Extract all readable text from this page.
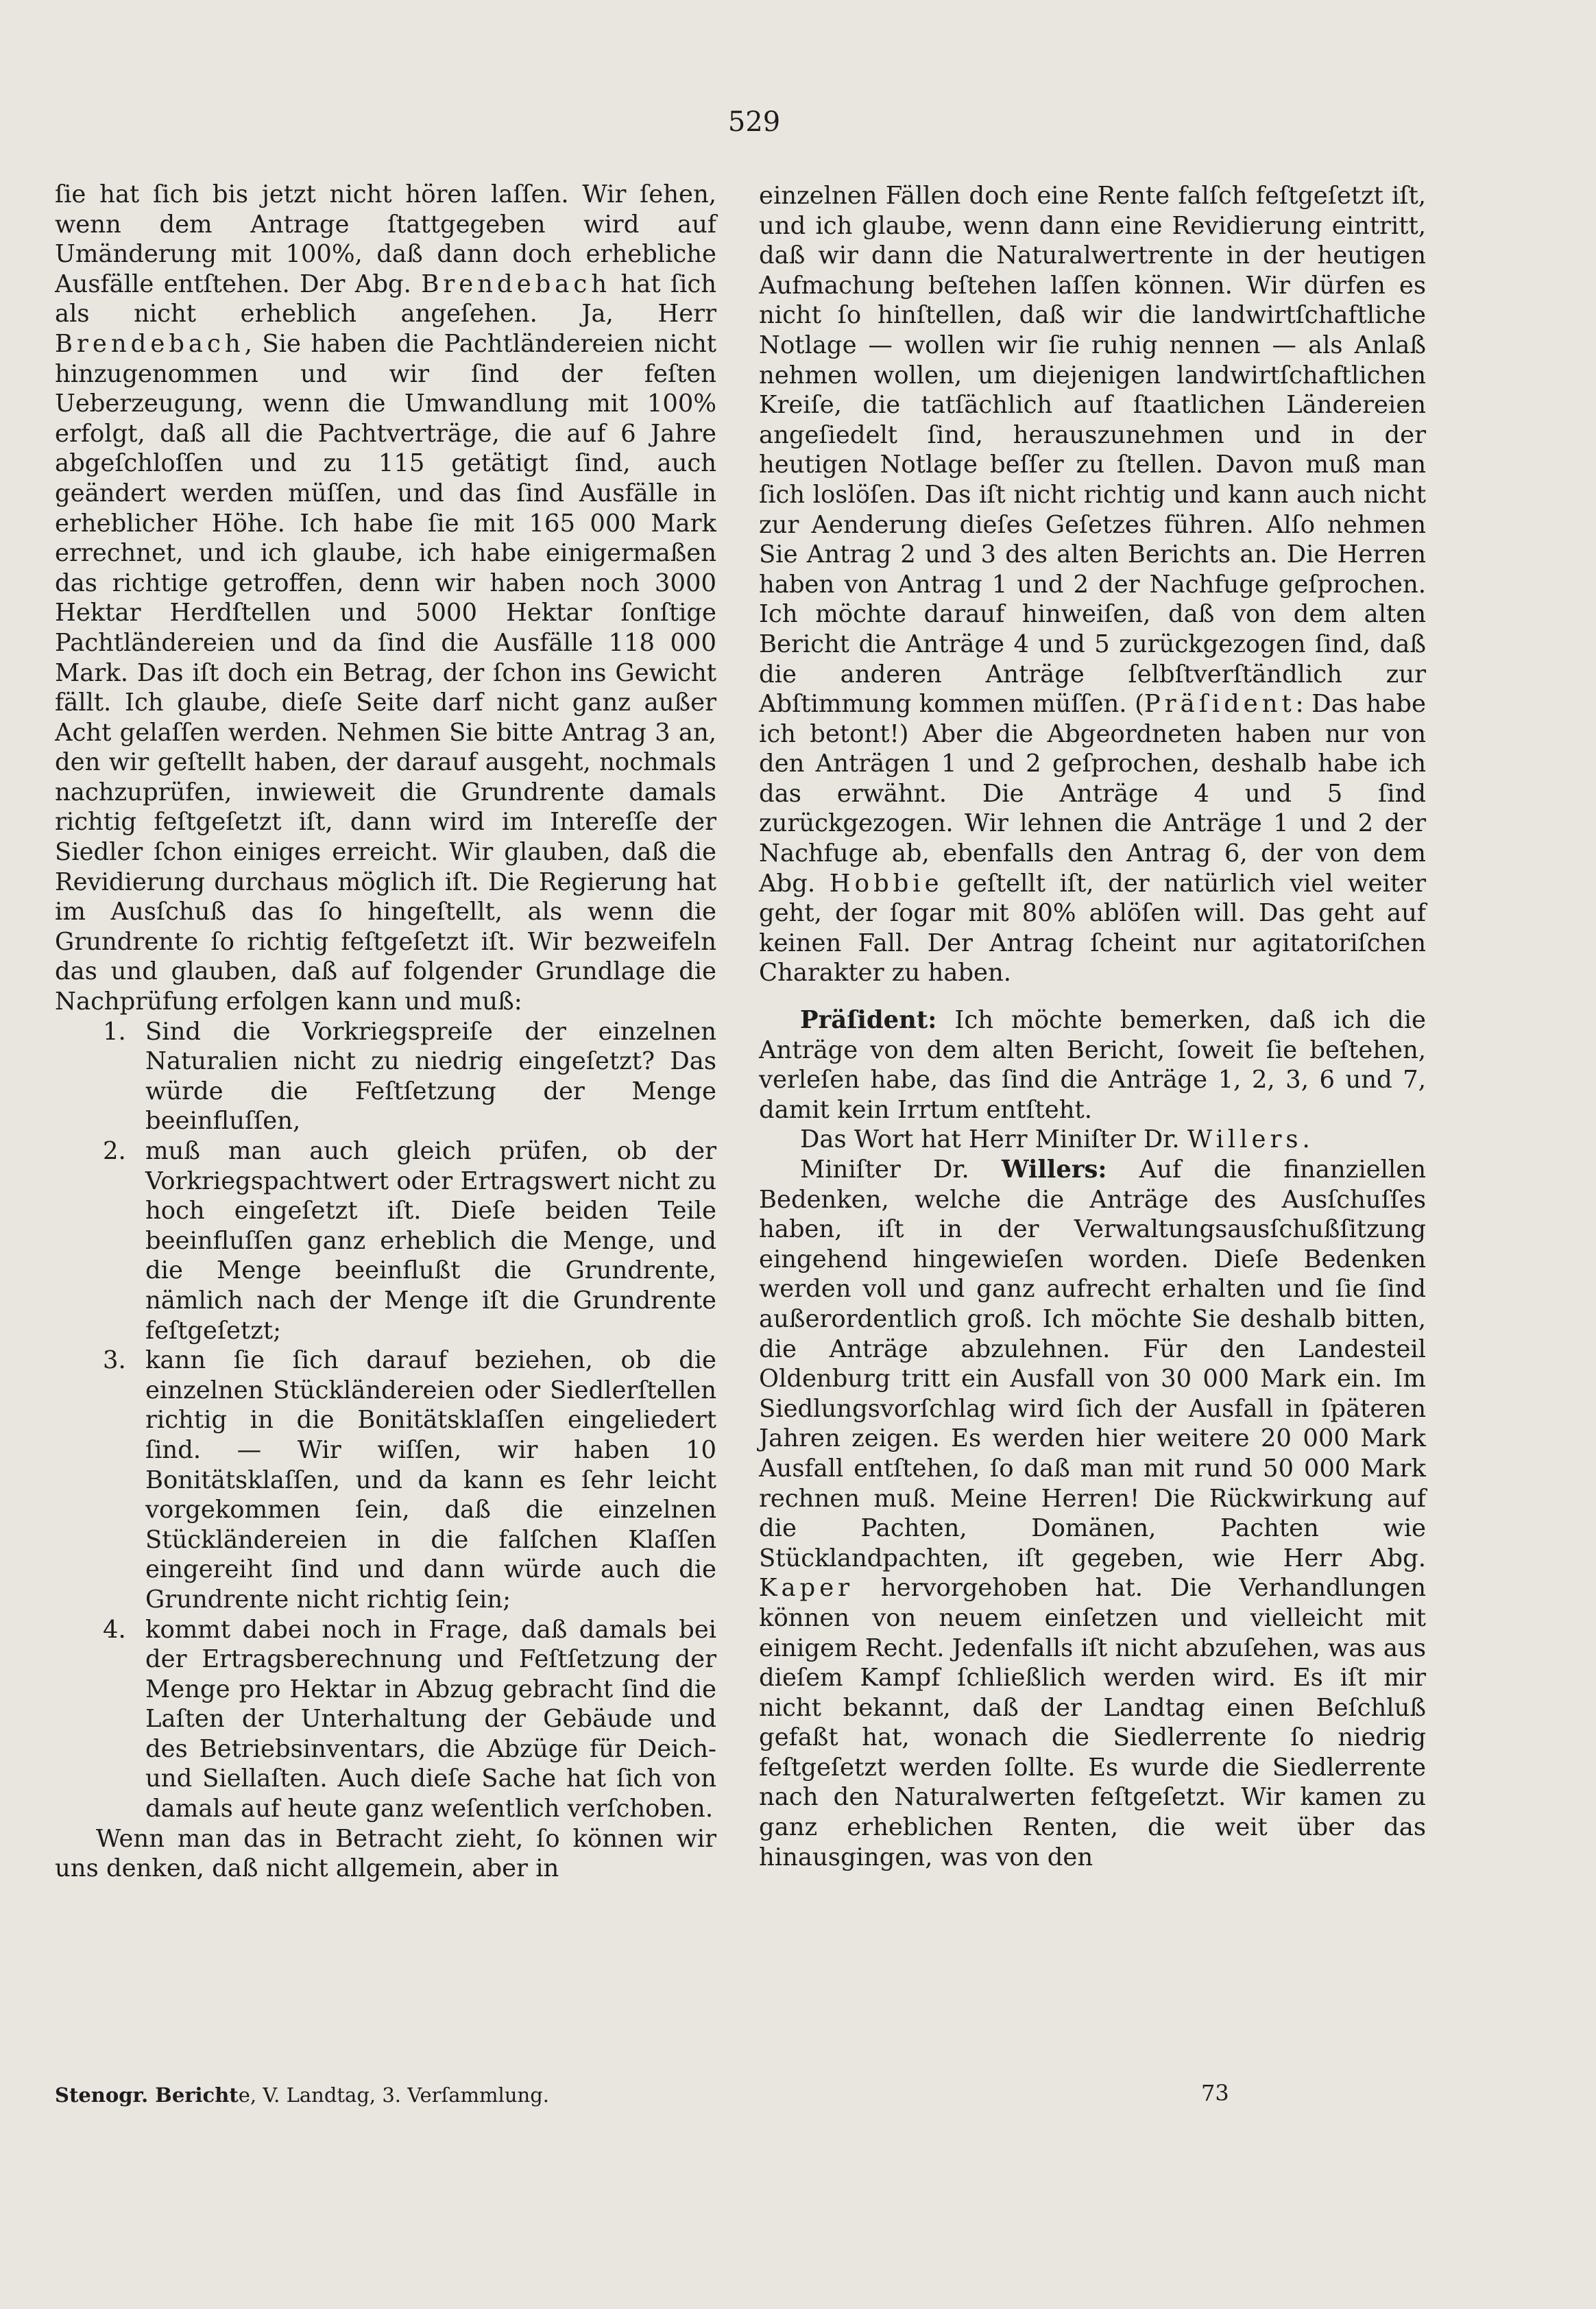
529

ſie hat ſich bis jetzt nicht hören laſſen. Wir ſehen, wenn dem Antrage ſtattgegeben wird auf Umänderung mit 100%, daß dann doch erhebliche Ausfälle entſtehen. Der Abg. Brendebach hat ſich als nicht erheblich angeſehen. Ja, Herr Brendebach, Sie haben die Pachtländereien nicht hinzugenommen und wir ſind der feſten Ueberzeugung, wenn die Umwandlung mit 100% erfolgt, daß all die Pachtverträge, die auf 6 Jahre abgeſchloſſen und zu 115 getätigt ſind, auch geändert werden müſſen, und das ſind Ausfälle in erheblicher Höhe. Ich habe ſie mit 165 000 Mark errechnet, und ich glaube, ich habe einigermaßen das richtige getroffen, denn wir haben noch 3000 Hektar Herdſtellen und 5000 Hektar ſonſtige Pachtländereien und da ſind die Ausfälle 118 000 Mark. Das iſt doch ein Betrag, der ſchon ins Gewicht fällt. Ich glaube, dieſe Seite darf nicht ganz außer Acht gelaſſen werden. Nehmen Sie bitte Antrag 3 an, den wir geſtellt haben, der darauf ausgeht, nochmals nachzuprüfen, inwieweit die Grundrente damals richtig feſtgeſetzt iſt, dann wird im Intereſſe der Siedler ſchon einiges erreicht. Wir glauben, daß die Revidierung durchaus möglich iſt. Die Regierung hat im Ausſchuß das ſo hingeſtellt, als wenn die Grundrente ſo richtig feſtgeſetzt iſt. Wir bezweifeln das und glauben, daß auf folgender Grundlage die Nachprüfung erfolgen kann und muß:

1. Sind die Vorkriegspreiſe der einzelnen Naturalien nicht zu niedrig eingeſetzt? Das würde die Feſtſetzung der Menge beeinfluſſen,
2. muß man auch gleich prüfen, ob der Vorkriegspachtwert oder Ertragswert nicht zu hoch eingeſetzt iſt. Dieſe beiden Teile beeinfluſſen ganz erheblich die Menge, und die Menge beeinflußt die Grundrente, nämlich nach der Menge iſt die Grundrente feſtgeſetzt;
3. kann ſie ſich darauf beziehen, ob die einzelnen Stückländereien oder Siedlerſtellen richtig in die Bonitätsklaſſen eingeliedert ſind. — Wir wiſſen, wir haben 10 Bonitätsklaſſen, und da kann es ſehr leicht vorgekommen ſein, daß die einzelnen Stückländereien in die falſchen Klaſſen eingereiht ſind und dann würde auch die Grundrente nicht richtig ſein;
4. kommt dabei noch in Frage, daß damals bei der Ertragsberechnung und Feſtſetzung der Menge pro Hektar in Abzug gebracht ſind die Laſten der Unterhaltung der Gebäude und des Betriebsinventars, die Abzüge für Deich- und Siellaſten. Auch dieſe Sache hat ſich von damals auf heute ganz weſentlich verſchoben.

Wenn man das in Betracht zieht, ſo können wir uns denken, daß nicht allgemein, aber in

einzelnen Fällen doch eine Rente falſch feſtgeſetzt iſt, und ich glaube, wenn dann eine Revidierung eintritt, daß wir dann die Naturalwertrente in der heutigen Aufmachung beſtehen laſſen können. Wir dürfen es nicht ſo hinſtellen, daß wir die landwirtſchaftliche Notlage — wollen wir ſie ruhig nennen — als Anlaß nehmen wollen, um diejenigen landwirtſchaftlichen Kreiſe, die tatſächlich auf ſtaatlichen Ländereien angeſiedelt ſind, herauszunehmen und in der heutigen Notlage beſſer zu ſtellen. Davon muß man ſich loslöſen. Das iſt nicht richtig und kann auch nicht zur Aenderung dieſes Geſetzes führen. Alſo nehmen Sie Antrag 2 und 3 des alten Berichts an. Die Herren haben von Antrag 1 und 2 der Nachfuge geſprochen. Ich möchte darauf hinweiſen, daß von dem alten Bericht die Anträge 4 und 5 zurückgezogen ſind, daß die anderen Anträge ſelbſtverſtändlich zur Abſtimmung kommen müſſen. (Präſident: Das habe ich betont!) Aber die Abgeordneten haben nur von den Anträgen 1 und 2 geſprochen, deshalb habe ich das erwähnt. Die Anträge 4 und 5 ſind zurückgezogen. Wir lehnen die Anträge 1 und 2 der Nachfuge ab, ebenfalls den Antrag 6, der von dem Abg. Hobbie geſtellt iſt, der natürlich viel weiter geht, der ſogar mit 80% ablöſen will. Das geht auf keinen Fall. Der Antrag ſcheint nur agitatoriſchen Charakter zu haben.

Präſident: Ich möchte bemerken, daß ich die Anträge von dem alten Bericht, ſoweit ſie beſtehen, verleſen habe, das ſind die Anträge 1, 2, 3, 6 und 7, damit kein Irrtum entſteht.

Das Wort hat Herr Miniſter Dr. Willers.

Miniſter Dr. Willers: Auf die finanziellen Bedenken, welche die Anträge des Ausſchuſſes haben, iſt in der Verwaltungsausſchußſitzung eingehend hingewieſen worden. Dieſe Bedenken werden voll und ganz aufrecht erhalten und ſie ſind außerordentlich groß. Ich möchte Sie deshalb bitten, die Anträge abzulehnen. Für den Landesteil Oldenburg tritt ein Ausfall von 30 000 Mark ein. Im Siedlungsvorſchlag wird ſich der Ausfall in ſpäteren Jahren zeigen. Es werden hier weitere 20 000 Mark Ausfall entſtehen, ſo daß man mit rund 50 000 Mark rechnen muß. Meine Herren! Die Rückwirkung auf die Pachten, Domänen, Pachten wie Stücklandpachten, iſt gegeben, wie Herr Abg. Kaper hervorgehoben hat. Die Verhandlungen können von neuem einſetzen und vielleicht mit einigem Recht. Jedenfalls iſt nicht abzuſehen, was aus dieſem Kampf ſchließlich werden wird. Es iſt mir nicht bekannt, daß der Landtag einen Beſchluß gefaßt hat, wonach die Siedlerrente ſo niedrig feſtgeſetzt werden ſollte. Es wurde die Siedlerrente nach den Naturalwerten feſtgeſetzt. Wir kamen zu ganz erheblichen Renten, die weit über das hinausgingen, was von den

Stenogr. Berichte, V. Landtag, 3. Verſammlung.	73
